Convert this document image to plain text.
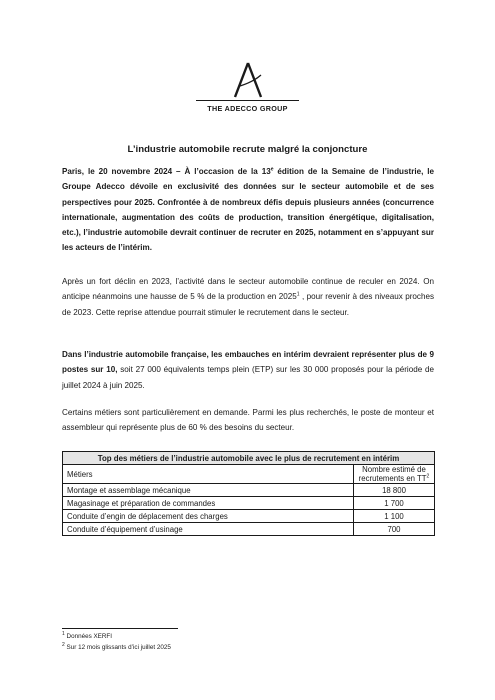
THE ADECCO GROUP
L’industrie automobile recrute malgré la conjoncture
Paris, le 20 novembre 2024 – À l’occasion de la 13e édition de la Semaine de l’industrie, le Groupe Adecco dévoile en exclusivité des données sur le secteur automobile et de ses perspectives pour 2025. Confrontée à de nombreux défis depuis plusieurs années (concurrence internationale, augmentation des coûts de production, transition énergétique, digitalisation, etc.), l’industrie automobile devrait continuer de recruter en 2025, notamment en s’appuyant sur les acteurs de l’intérim.
Après un fort déclin en 2023, l’activité dans le secteur automobile continue de reculer en 2024. On anticipe néanmoins une hausse de 5 % de la production en 2025$^1$ , pour revenir à des niveaux proches de 2023. Cette reprise attendue pourrait stimuler le recrutement dans le secteur.
Dans l’industrie automobile française, les embauches en intérim devraient représenter plus de 9 postes sur 10, soit 27 000 équivalents temps plein (ETP) sur les 30 000 proposés pour la période de juillet 2024 à juin 2025.
Certains métiers sont particulièrement en demande. Parmi les plus recherchés, le poste de monteur et assembleur qui représente plus de 60 % des besoins du secteur.
Top des métiers de l’industrie automobile avec le plus de recrutement en intérim	
Métiers	Nombre estimé de recrutements en $TT^2$
Montage et assemblage mécanique	18 800
Magasinage et préparation de commandes	1 700
Conduite d’engin de déplacement des charges	1 100
Conduite d’équipement d’usinage	700
$^1$ Données XERFI
$^2$ Sur 12 mois glissants d’ici juillet 2025
